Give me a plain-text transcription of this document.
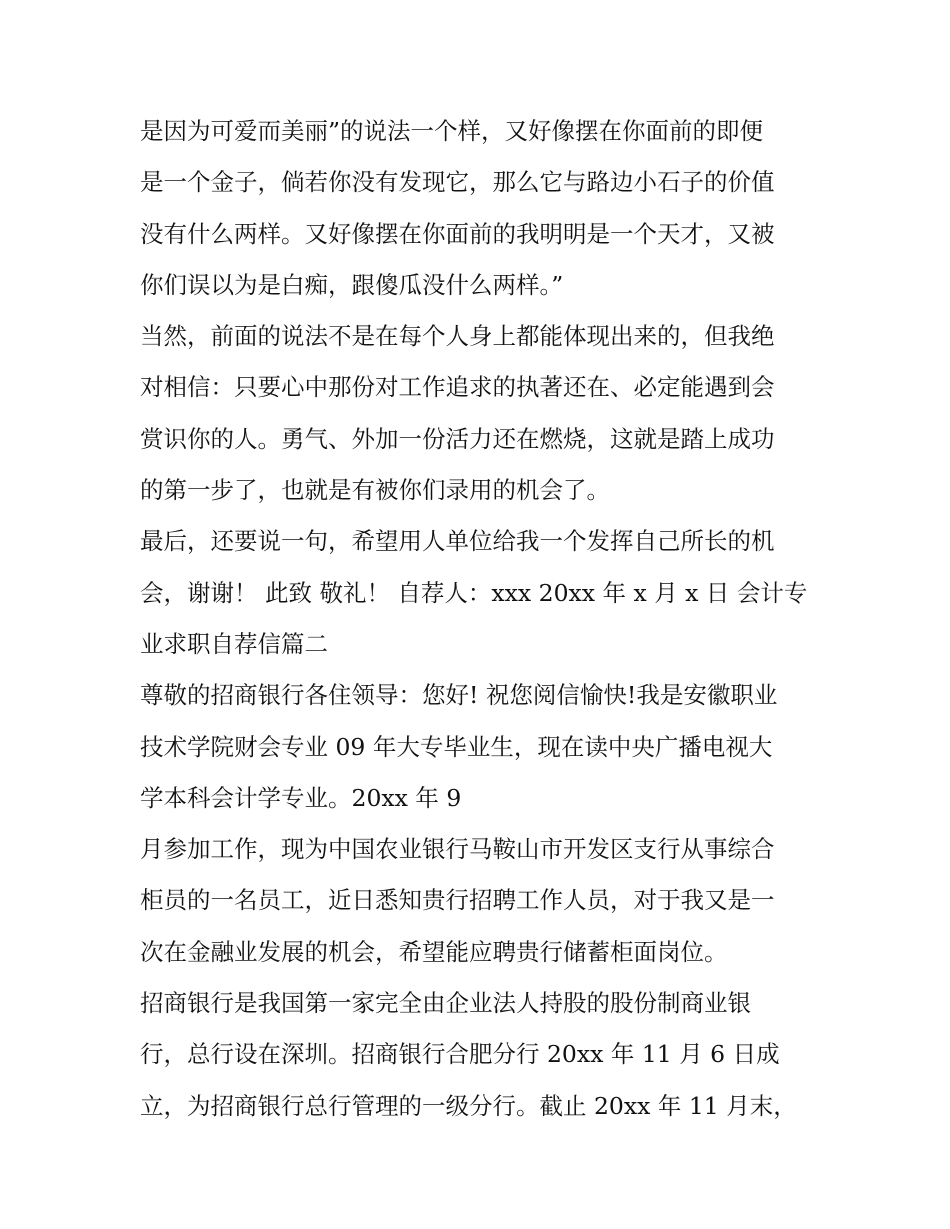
是因为可爱而美丽”的说法一个样，又好像摆在你面前的即便
是一个金子，倘若你没有发现它，那么它与路边小石子的价值
没有什么两样。又好像摆在你面前的我明明是一个天才，又被
你们误以为是白痴，跟傻瓜没什么两样。”
当然，前面的说法不是在每个人身上都能体现出来的，但我绝
对相信：只要心中那份对工作追求的执著还在、必定能遇到会
赏识你的人。勇气、外加一份活力还在燃烧，这就是踏上成功
的第一步了，也就是有被你们录用的机会了。
最后，还要说一句，希望用人单位给我一个发挥自己所长的机
会，谢谢！ 此致 敬礼！ 自荐人：xxx 20xx 年 x 月 x 日 会计专
业求职自荐信篇二
尊敬的招商银行各住领导：您好! 祝您阅信愉快!我是安徽职业
技术学院财会专业 09 年大专毕业生，现在读中央广播电视大
学本科会计学专业。20xx 年 9
月参加工作，现为中国农业银行马鞍山市开发区支行从事综合
柜员的一名员工，近日悉知贵行招聘工作人员，对于我又是一
次在金融业发展的机会，希望能应聘贵行储蓄柜面岗位。
招商银行是我国第一家完全由企业法人持股的股份制商业银
行，总行设在深圳。招商银行合肥分行 20xx 年 11 月 6 日成
立，为招商银行总行管理的一级分行。截止 20xx 年 11 月末，
